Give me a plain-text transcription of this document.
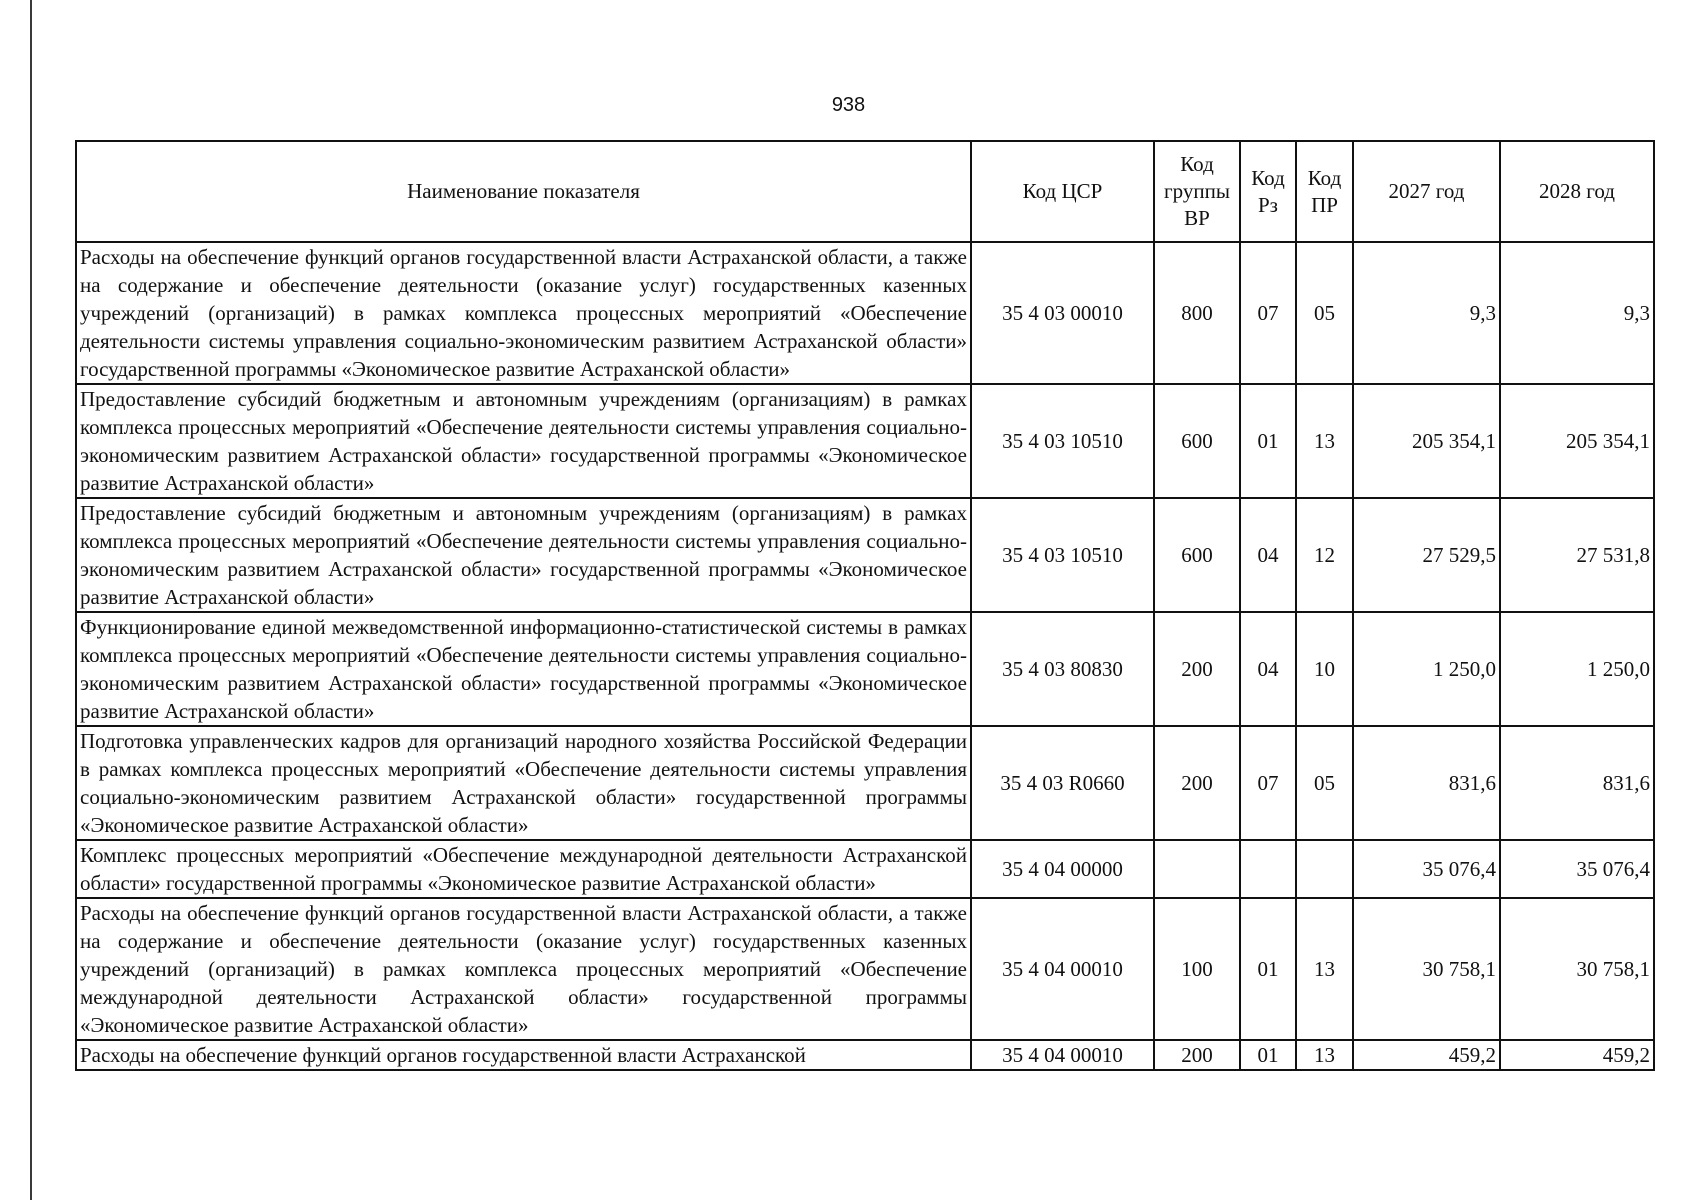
938
Наименование показателя	Код ЦСР	Код группы ВР	Код Рз	Код ПР	2027 год	2028 год
Расходы на обеспечение функций органов государственной власти Астраханской области, а также на содержание и обеспечение деятельности (оказание услуг) государственных казенных учреждений (организаций) в рамках комплекса процессных мероприятий «Обеспечение деятельности системы управления социально-экономическим развитием Астраханской области» государственной программы «Экономическое развитие Астраханской области»	35 4 03 00010	800	07	05	9,3	9,3
Предоставление субсидий бюджетным и автономным учреждениям (организациям) в рамках комплекса процессных мероприятий «Обеспечение деятельности системы управления социально-экономическим развитием Астраханской области» государственной программы «Экономическое развитие Астраханской области»	35 4 03 10510	600	01	13	205 354,1	205 354,1
Предоставление субсидий бюджетным и автономным учреждениям (организациям) в рамках комплекса процессных мероприятий «Обеспечение деятельности системы управления социально-экономическим развитием Астраханской области» государственной программы «Экономическое развитие Астраханской области»	35 4 03 10510	600	04	12	27 529,5	27 531,8
Функционирование единой межведомственной информационно-статистической системы в рамках комплекса процессных мероприятий «Обеспечение деятельности системы управления социально-экономическим развитием Астраханской области» государственной программы «Экономическое развитие Астраханской области»	35 4 03 80830	200	04	10	1 250,0	1 250,0
Подготовка управленческих кадров для организаций народного хозяйства Российской Федерации в рамках комплекса процессных мероприятий «Обеспечение деятельности системы управления социально-экономическим развитием Астраханской области» государственной программы «Экономическое развитие Астраханской области»	35 4 03 R0660	200	07	05	831,6	831,6
Комплекс процессных мероприятий «Обеспечение международной деятельности Астраханской области» государственной программы «Экономическое развитие Астраханской области»	35 4 04 00000				35 076,4	35 076,4
Расходы на обеспечение функций органов государственной власти Астраханской области, а также на содержание и обеспечение деятельности (оказание услуг) государственных казенных учреждений (организаций) в рамках комплекса процессных мероприятий «Обеспечение международной деятельности Астраханской области» государственной программы «Экономическое развитие Астраханской области»	35 4 04 00010	100	01	13	30 758,1	30 758,1
Расходы на обеспечение функций органов государственной власти Астраханской	35 4 04 00010	200	01	13	459,2	459,2
